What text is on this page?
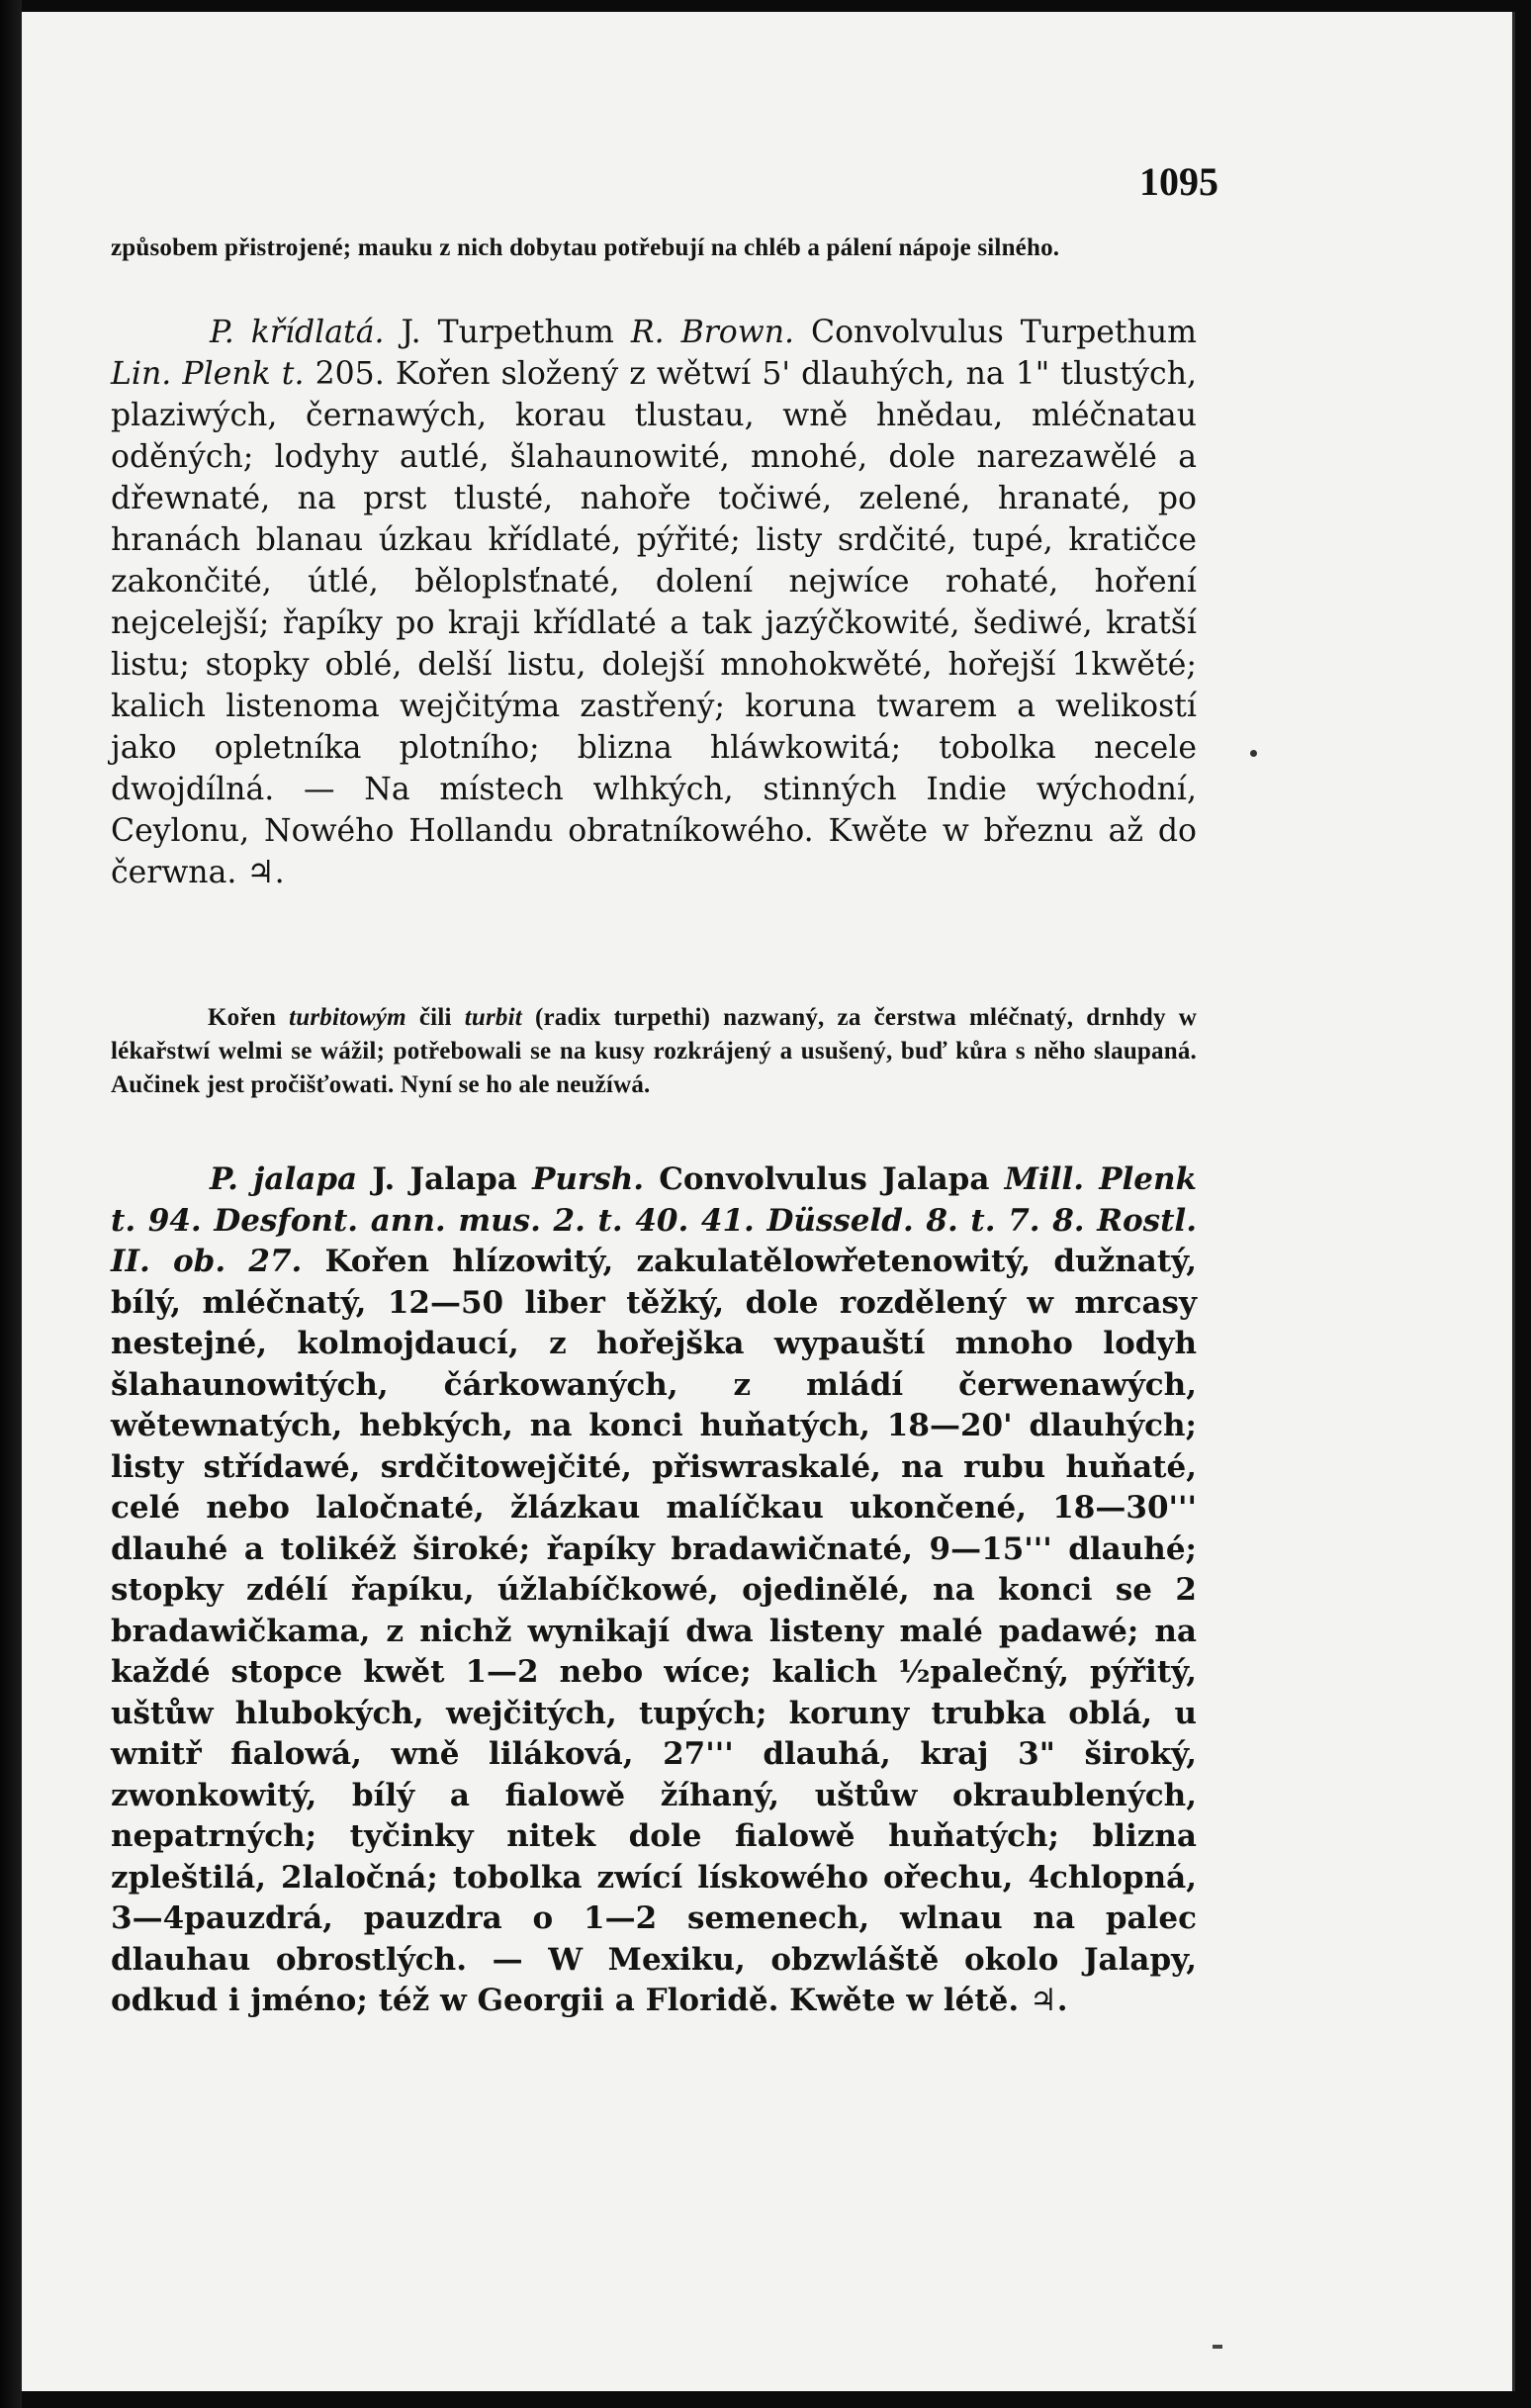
1095

způsobem přistrojené; mauku z nich dobytau potřebují na chléb a pálení nápoje silného.

P. křídlatá. J. Turpethum R. Brown. Convolvulus Turpethum Lin. Plenk t. 205. Kořen složený z wětwí 5' dlauhých, na 1" tlustých, plaziwých, černawých, korau tlustau, wně hnědau, mléčnatau oděných; lodyhy autlé, šlahaunowité, mnohé, dole narezawělé a dřewnaté, na prst tlusté, nahoře točiwé, zelené, hranaté, po hranách blanau úzkau křídlaté, pýřité; listy srdčité, tupé, kratičce zakončité, útlé, běloplsťnaté, dolení nejwíce rohaté, hoření nejcelejší; řapíky po kraji křídlaté a tak jazýčkowité, šediwé, kratší listu; stopky oblé, delší listu, dolejší mnohokwěté, hořejší 1kwěté; kalich listenoma wejčitýma zastřený; koruna twarem a welikostí jako opletníka plotního; blizna hláwkowitá; tobolka necele dwojdílná. — Na místech wlhkých, stinných Indie wýchodní, Ceylonu, Nowého Hollandu obratníkowého. Kwěte w březnu až do čerwna. ♃.

Kořen turbitowým čili turbit (radix turpethi) nazwaný, za čerstwa mléčnatý, drnhdy w lékařstwí welmi se wážil; potřebowali se na kusy rozkrájený a usušený, buď kůra s něho slaupaná. Aučinek jest pročišťowati. Nyní se ho ale neužíwá.

P. jalapa J. Jalapa Pursh. Convolvulus Jalapa Mill. Plenk t. 94. Desfont. ann. mus. 2. t. 40. 41. Düsseld. 8. t. 7. 8. Rostl. II. ob. 27. Kořen hlízowitý, zakulatělowřetenowitý, dužnatý, bílý, mléčnatý, 12—50 liber těžký, dole rozdělený w mrcasy nestejné, kolmojdaucí, z hořejška wypauští mnoho lodyh šlahaunowitých, čárkowaných, z mládí čerwenawých, wětewnatých, hebkých, na konci huňatých, 18—20' dlauhých; listy střídawé, srdčitowejčité, přiswraskalé, na rubu huňaté, celé nebo laločnaté, žlázkau malíčkau ukončené, 18—30''' dlauhé a tolikéž široké; řapíky bradawičnaté, 9—15''' dlauhé; stopky zdélí řapíku, úžlabíčkowé, ojedinělé, na konci se 2 bradawičkama, z nichž wynikají dwa listeny malé padawé; na každé stopce kwět 1—2 nebo wíce; kalich ½palečný, pýřitý, uštůw hlubokých, wejčitých, tupých; koruny trubka oblá, u wnitř fialowá, wně liláková, 27''' dlauhá, kraj 3" široký, zwonkowitý, bílý a fialowě žíhaný, uštůw okraublených, nepatrných; tyčinky nitek dole fialowě huňatých; blizna zpleštilá, 2laločná; tobolka zwící lískowého ořechu, 4chlopná, 3—4pauzdrá, pauzdra o 1—2 semenech, wlnau na palec dlauhau obrostlých. — W Mexiku, obzwláště okolo Jalapy, odkud i jméno; též w Georgii a Floridě. Kwěte w létě. ♃.
